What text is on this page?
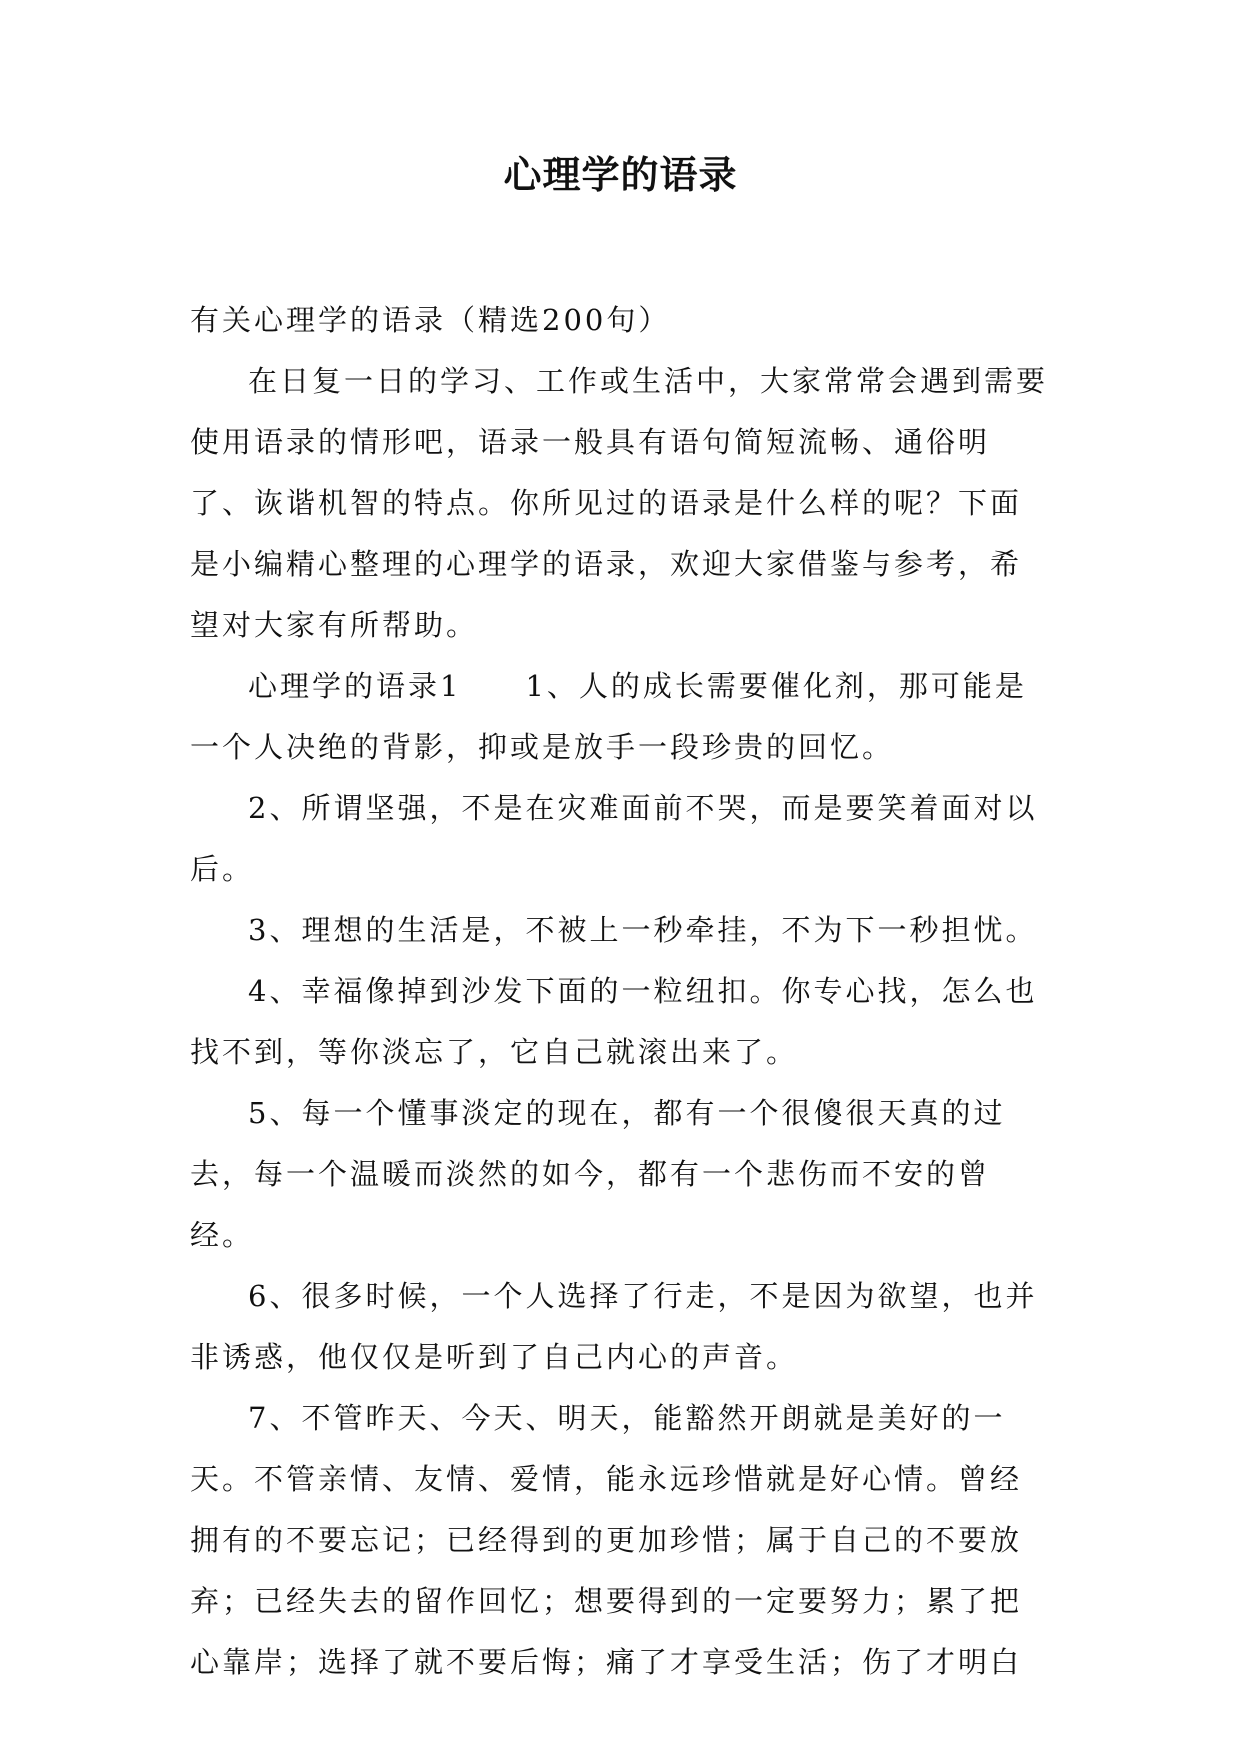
心理学的语录

有关心理学的语录（精选200句）

在日复一日的学习、工作或生活中，大家常常会遇到需要使用语录的情形吧，语录一般具有语句简短流畅、通俗明了、诙谐机智的特点。你所见过的语录是什么样的呢？下面是小编精心整理的心理学的语录，欢迎大家借鉴与参考，希望对大家有所帮助。

心理学的语录1　　1、人的成长需要催化剂，那可能是一个人决绝的背影，抑或是放手一段珍贵的回忆。

2、所谓坚强，不是在灾难面前不哭，而是要笑着面对以后。

3、理想的生活是，不被上一秒牵挂，不为下一秒担忧。

4、幸福像掉到沙发下面的一粒纽扣。你专心找，怎么也找不到，等你淡忘了，它自己就滚出来了。

5、每一个懂事淡定的现在，都有一个很傻很天真的过去，每一个温暖而淡然的如今，都有一个悲伤而不安的曾经。

6、很多时候，一个人选择了行走，不是因为欲望，也并非诱惑，他仅仅是听到了自己内心的声音。

7、不管昨天、今天、明天，能豁然开朗就是美好的一天。不管亲情、友情、爱情，能永远珍惜就是好心情。曾经拥有的不要忘记；已经得到的更加珍惜；属于自己的不要放弃；已经失去的留作回忆；想要得到的一定要努力；累了把心靠岸；选择了就不要后悔；痛了才享受生活；伤了才明白
